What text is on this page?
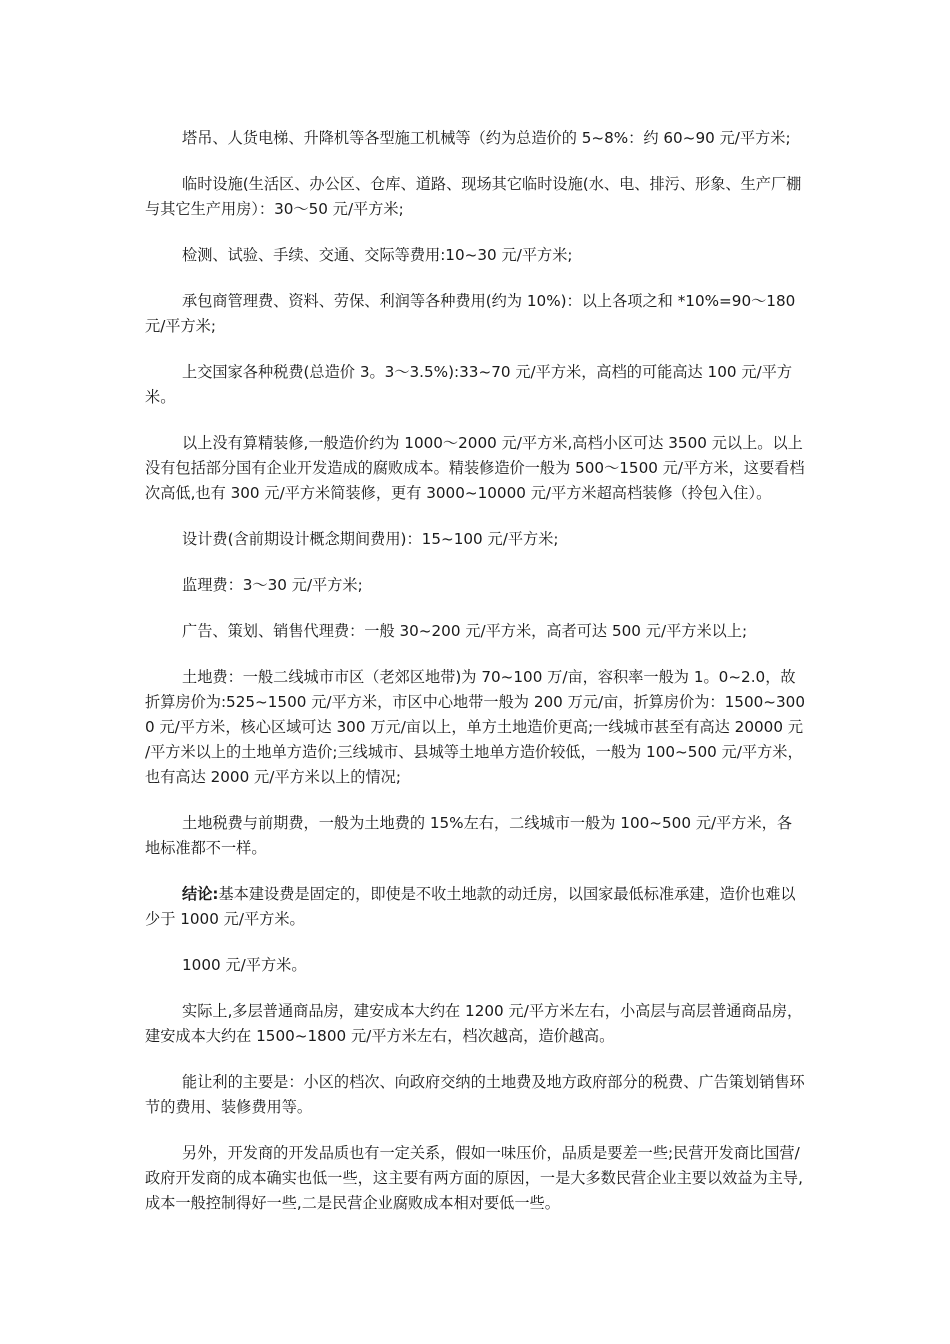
塔吊、人货电梯、升降机等各型施工机械等（约为总造价的 5~8%：约 60~90 元/平方米;

临时设施(生活区、办公区、仓库、道路、现场其它临时设施(水、电、排污、形象、生产厂棚与其它生产用房）：30～50 元/平方米;

检测、试验、手续、交通、交际等费用:10~30 元/平方米;

承包商管理费、资料、劳保、利润等各种费用(约为 10%)：以上各项之和 *10%=90～180 元/平方米;

上交国家各种税费(总造价 3。3～3.5%):33~70 元/平方米，高档的可能高达 100 元/平方米。

以上没有算精装修,一般造价约为 1000～2000 元/平方米,高档小区可达 3500 元以上。以上没有包括部分国有企业开发造成的腐败成本。精装修造价一般为 500～1500 元/平方米，这要看档次高低,也有 300 元/平方米简装修，更有 3000~10000 元/平方米超高档装修（拎包入住）。

设计费(含前期设计概念期间费用)：15~100 元/平方米;

监理费：3～30 元/平方米;

广告、策划、销售代理费：一般 30~200 元/平方米，高者可达 500 元/平方米以上;

土地费：一般二线城市市区（老郊区地带)为 70~100 万/亩，容积率一般为 1。0~2.0，故折算房价为:525~1500 元/平方米，市区中心地带一般为 200 万元/亩，折算房价为：1500~3000 元/平方米，核心区域可达 300 万元/亩以上，单方土地造价更高;一线城市甚至有高达 20000 元/平方米以上的土地单方造价;三线城市、县城等土地单方造价较低，一般为 100~500 元/平方米，也有高达 2000 元/平方米以上的情况;

土地税费与前期费，一般为土地费的 15%左右，二线城市一般为 100~500 元/平方米，各地标准都不一样。

结论:基本建设费是固定的，即使是不收土地款的动迁房，以国家最低标准承建，造价也难以少于 1000 元/平方米。

1000 元/平方米。

实际上,多层普通商品房，建安成本大约在 1200 元/平方米左右，小高层与高层普通商品房，建安成本大约在 1500~1800 元/平方米左右，档次越高，造价越高。

能让利的主要是：小区的档次、向政府交纳的土地费及地方政府部分的税费、广告策划销售环节的费用、装修费用等。

另外，开发商的开发品质也有一定关系，假如一味压价，品质是要差一些;民营开发商比国营/政府开发商的成本确实也低一些，这主要有两方面的原因，一是大多数民营企业主要以效益为主导,成本一般控制得好一些,二是民营企业腐败成本相对要低一些。
